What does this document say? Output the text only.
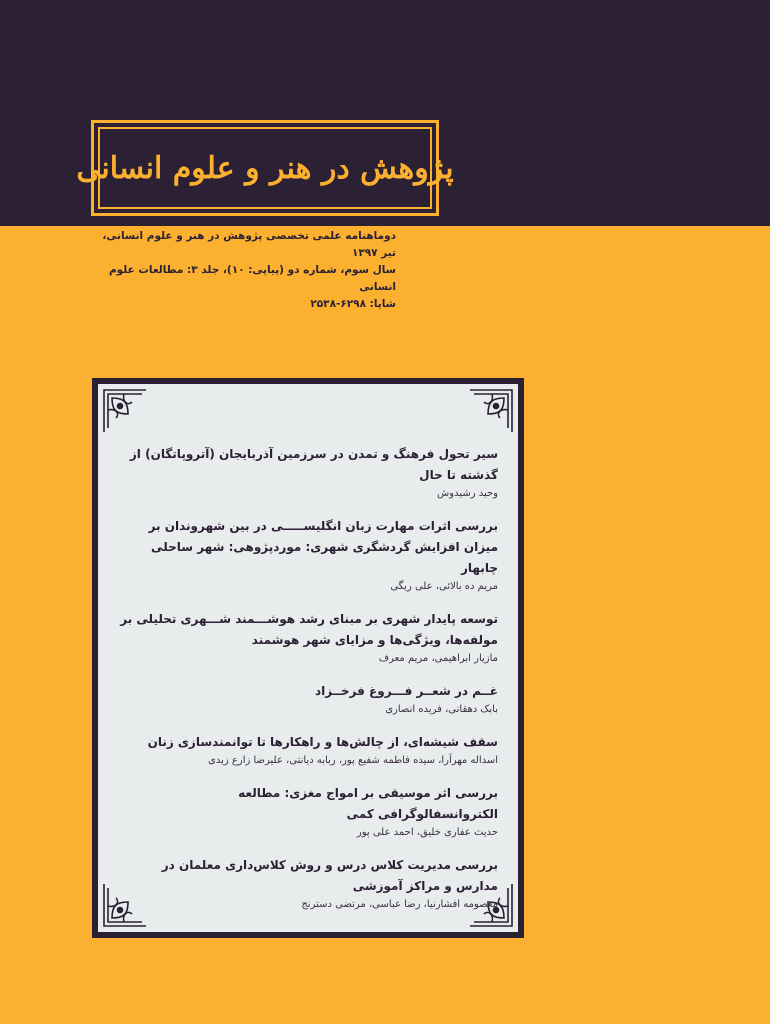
پژوهش در هنر و علوم انسانی
دوماهنامه علمی تخصصی پژوهش در هنر و علوم انسانی، تیر ۱۳۹۷
سال سوم، شماره دو (پیاپی: ۱۰)، جلد ۳: مطالعات علوم انسانی
شاپا: ۶۲۹۸-۲۵۳۸
سیر تحول فرهنگ و تمدن در سرزمین آذربایجان (آتروپاتگان) از گذشته تا حال
وحید رشیدوش
بررسی اثرات مهارت زبان انگلیســـــی در بین شهروندان بر میزان افزایش گردشگری شهری: موردپژوهی: شهر ساحلی چابهار
مریم ده بالائی، علی ریگی
توسعه پایدار شهری بر مبنای رشد هوشـــمند شـــهری تحلیلی بر مولفه‌ها، ویژگی‌ها و مزایای شهر هوشمند
مازیار ابراهیمی، مریم معرف
غــم در شعــر فـــروغ فرخــزاد
بابک دهقانی، فریده انصاری
سقف شیشه‌ای، از چالش‌ها و راهکارها تا توانمندسازی زنان
اسداله مهرآرا، سیده فاطمه شفیع پور، ربابه دیانتی، علیرضا زارع زیدی
بررسی اثر موسیقی بر امواج مغزی: مطالعه الکتروانسفالوگرافی کمی
حدیث عفاری خلیق، احمد علی پور
بررسی مدیریت کلاس درس و روش کلاس‌داری معلمان در مدارس و مراکز آموزشی
معصومه افشارنیا، رضا عباسی، مرتضی دسترنج
